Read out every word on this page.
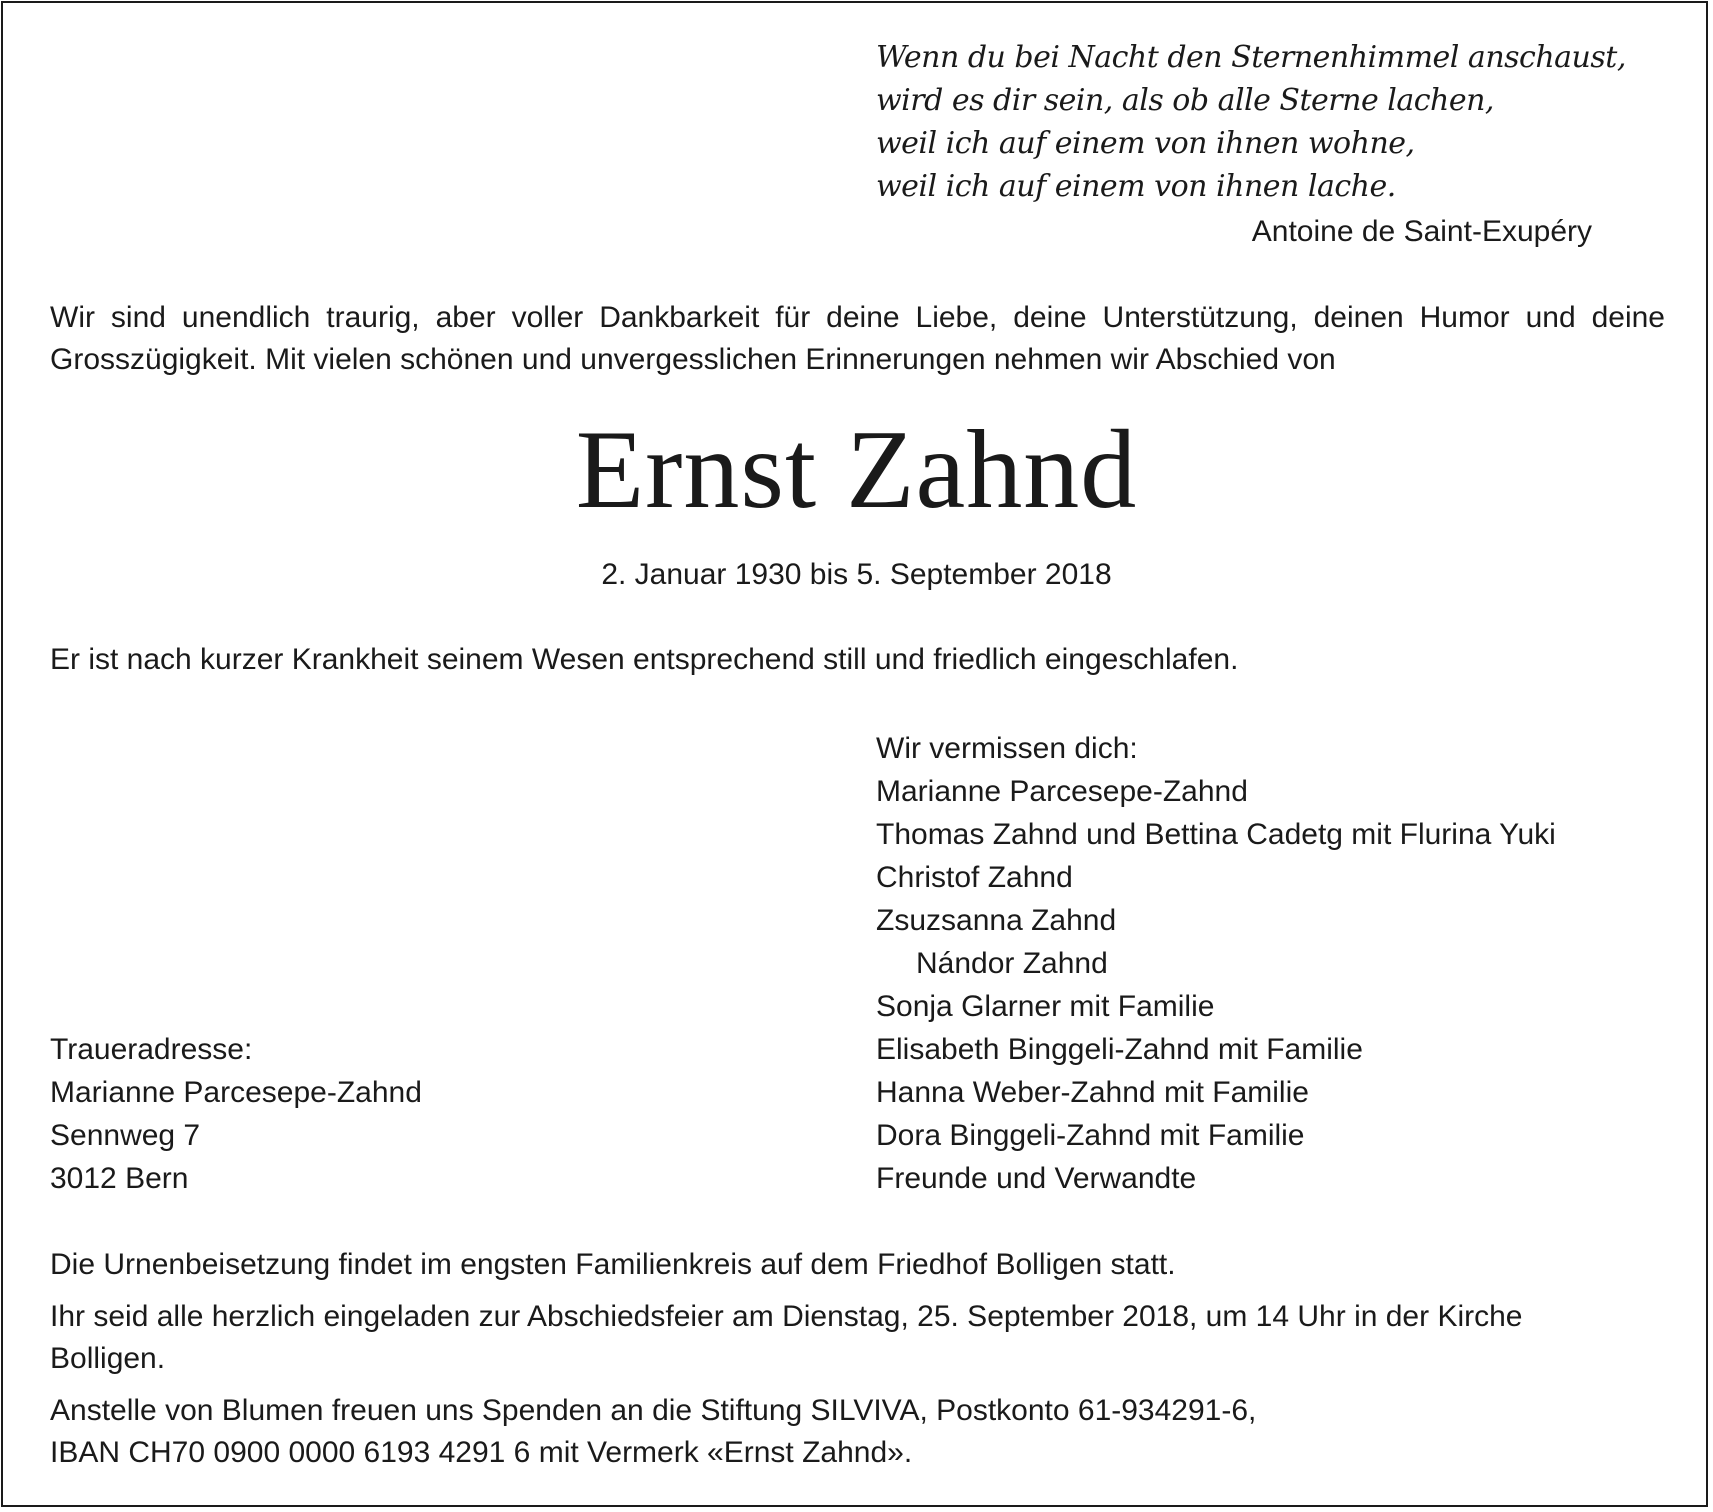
Wenn du bei Nacht den Sternenhimmel anschaust,
wird es dir sein, als ob alle Sterne lachen,
weil ich auf einem von ihnen wohne,
weil ich auf einem von ihnen lache.
Antoine de Saint-Exupéry
Wir sind unendlich traurig, aber voller Dankbarkeit für deine Liebe, deine Unterstützung, deinen Humor und deine Grosszügigkeit. Mit vielen schönen und unvergesslichen Erinnerungen nehmen wir Abschied von
Ernst Zahnd
2. Januar 1930 bis 5. September 2018
Er ist nach kurzer Krankheit seinem Wesen entsprechend still und friedlich eingeschlafen.
Wir vermissen dich:
Marianne Parcesepe-Zahnd
Thomas Zahnd und Bettina Cadetg mit Flurina Yuki
Christof Zahnd
Zsuzsanna Zahnd
Nándor Zahnd
Sonja Glarner mit Familie
Elisabeth Binggeli-Zahnd mit Familie
Hanna Weber-Zahnd mit Familie
Dora Binggeli-Zahnd mit Familie
Freunde und Verwandte
Traueradresse:
Marianne Parcesepe-Zahnd
Sennweg 7
3012 Bern
Die Urnenbeisetzung findet im engsten Familienkreis auf dem Friedhof Bolligen statt.
Ihr seid alle herzlich eingeladen zur Abschiedsfeier am Dienstag, 25. September 2018, um 14 Uhr in der Kirche
Bolligen.
Anstelle von Blumen freuen uns Spenden an die Stiftung SILVIVA, Postkonto 61-934291-6,
IBAN CH70 0900 0000 6193 4291 6 mit Vermerk «Ernst Zahnd».
